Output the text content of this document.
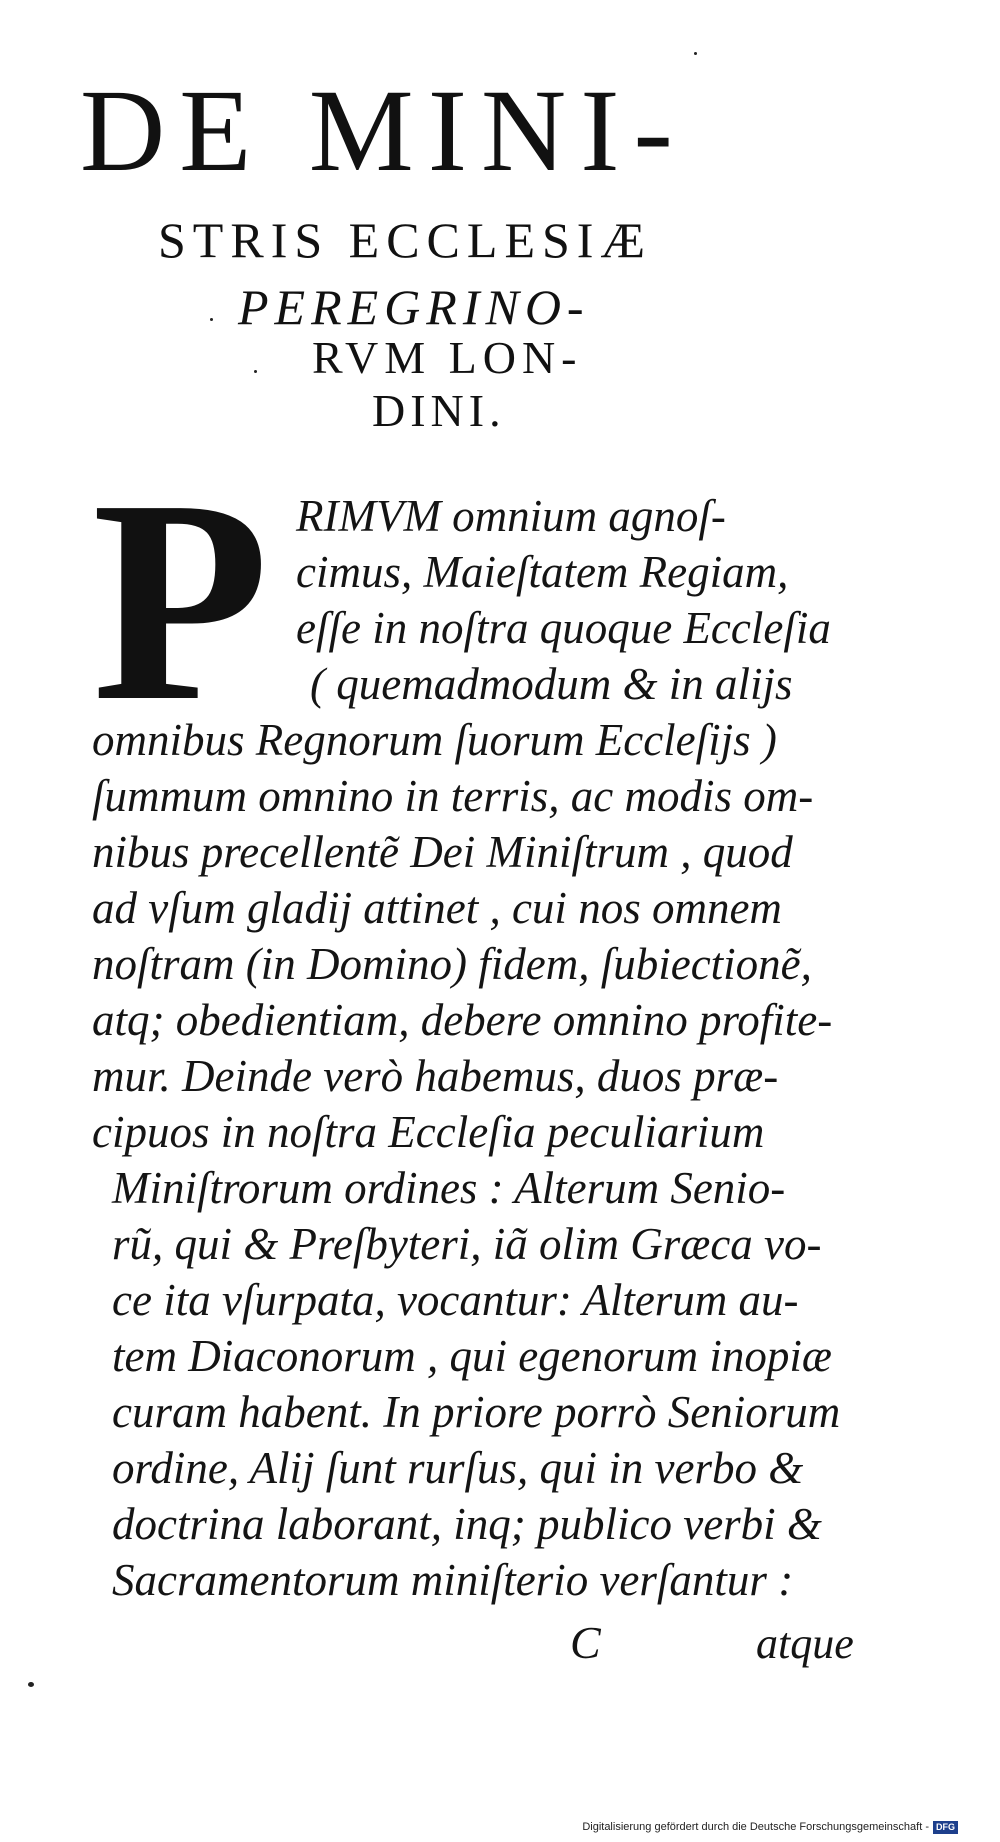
DE MINI-
STRIS ECCLESIÆ
PEREGRINO-
RVM LON-
DINI.
P RIMVM omnium agnoſ-
cimus, Maieſtatem Regiam,
eſſe in noſtra quoque Eccleſia
( quemadmodum & in alijs
omnibus Regnorum ſuorum Eccleſijs )
ſummum omnino in terris, ac modis om-
nibus precellentẽ Dei Miniſtrum , quod
ad vſum gladij attinet , cui nos omnem
noſtram (in Domino) fidem, ſubiectionẽ,
atq; obedientiam, debere omnino profite-
mur. Deinde verò habemus, duos præ-
cipuos in noſtra Eccleſia peculiarium
Miniſtrorum ordines : Alterum Senio-
rũ, qui & Preſbyteri, iã olim Græca vo-
ce ita vſurpata, vocantur: Alterum au-
tem Diaconorum , qui egenorum inopiæ
curam habent. In priore porrò Seniorum
ordine, Alij ſunt rurſus, qui in verbo &
doctrina laborant, inq; publico verbi &
Sacramentorum miniſterio verſantur :
C	atque
Digitalisierung gefördert durch die Deutsche Forschungsgemeinschaft - DFG
